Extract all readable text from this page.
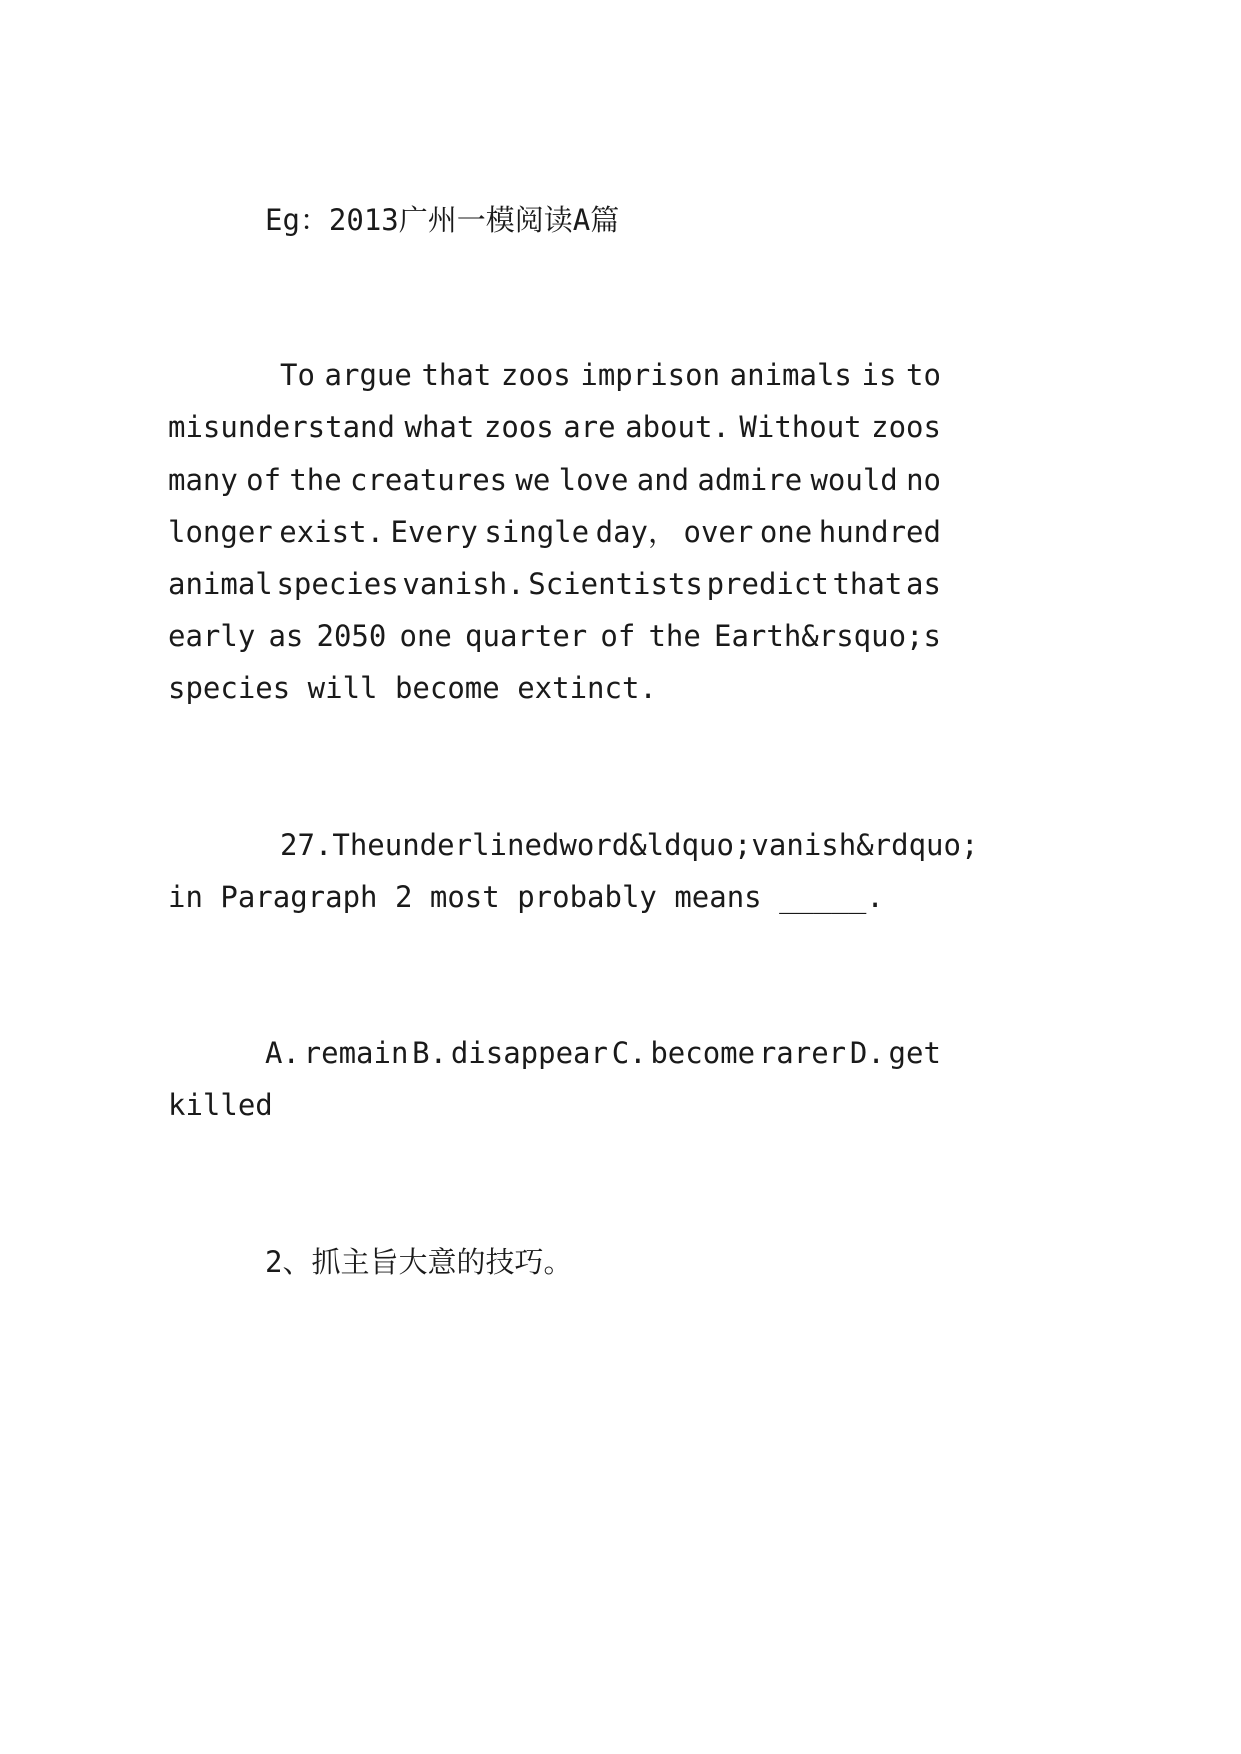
Eg：2013广州一模阅读A篇

To argue that zoos imprison animals is to
misunderstand what zoos are about. Without zoos
many of the creatures we love and admire would no
longer exist. Every single day， over one hundred
animal species vanish. Scientists predict that as
early as 2050 one quarter of the Earth&rsquo;s

species will become extinct.

27.The underlined word &ldquo;vanish&rdquo;

in Paragraph 2 most probably means _____.

A. remain B. disappear C. become rarer D. get

killed

2、抓主旨大意的技巧。
